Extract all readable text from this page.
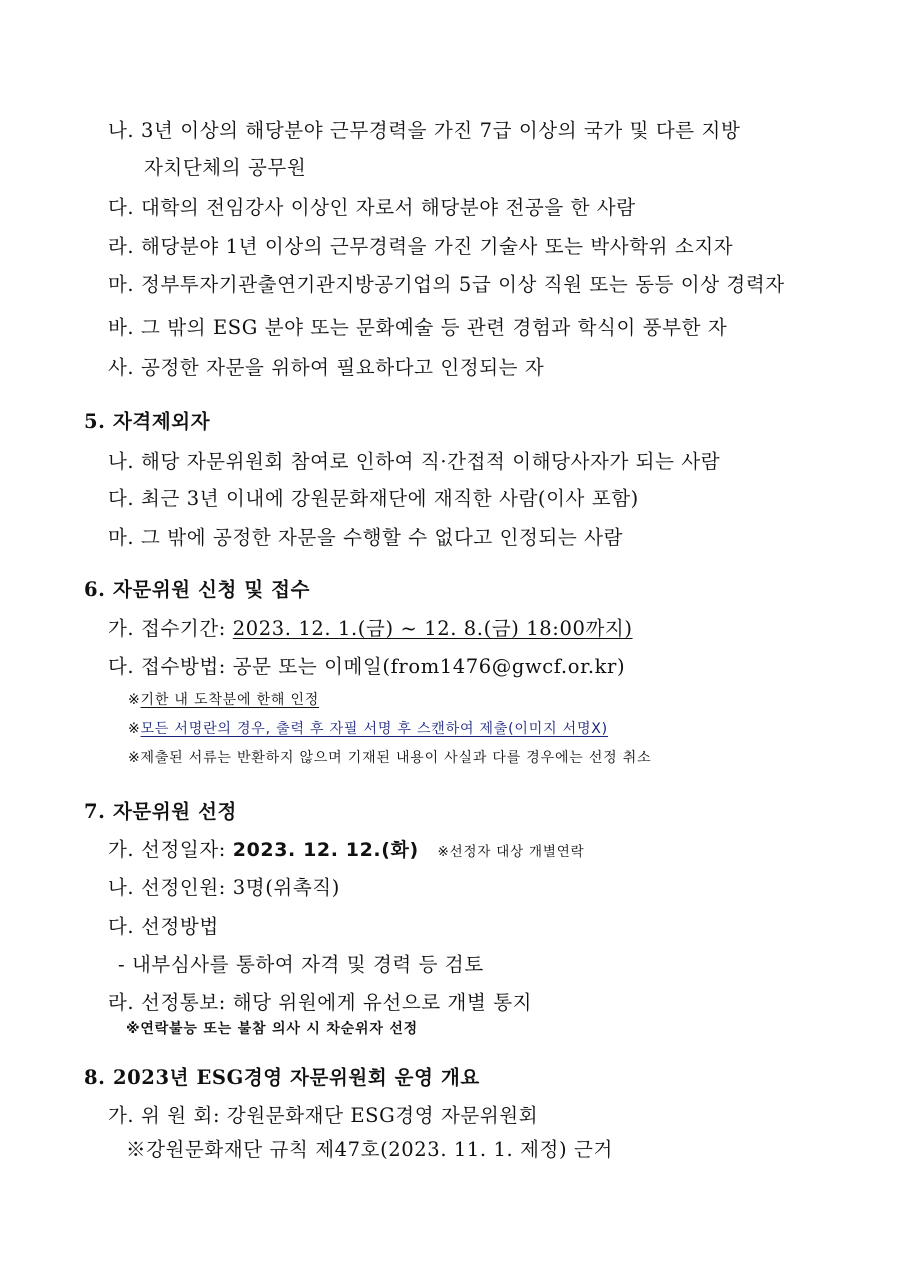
나. 3년 이상의 해당분야 근무경력을 가진 7급 이상의 국가 및 다른 지방
자치단체의 공무원
다. 대학의 전임강사 이상인 자로서 해당분야 전공을 한 사람
라. 해당분야 1년 이상의 근무경력을 가진 기술사 또는 박사학위 소지자
마. 정부투자기관출연기관지방공기업의 5급 이상 직원 또는 동등 이상 경력자
바. 그 밖의 ESG 분야 또는 문화예술 등 관련 경험과 학식이 풍부한 자
사. 공정한 자문을 위하여 필요하다고 인정되는 자
5. 자격제외자
나. 해당 자문위원회 참여로 인하여 직·간접적 이해당사자가 되는 사람
다. 최근 3년 이내에 강원문화재단에 재직한 사람(이사 포함)
마. 그 밖에 공정한 자문을 수행할 수 없다고 인정되는 사람
6. 자문위원 신청 및 접수
가. 접수기간: 2023. 12. 1.(금) ~ 12. 8.(금) 18:00까지)
다. 접수방법: 공문 또는 이메일(from1476@gwcf.or.kr)
※기한 내 도착분에 한해 인정
※모든 서명란의 경우, 출력 후 자필 서명 후 스캔하여 제출(이미지 서명X)
※제출된 서류는 반환하지 않으며 기재된 내용이 사실과 다를 경우에는 선정 취소
7. 자문위원 선정
가. 선정일자: 2023. 12. 12.(화) ※선정자 대상 개별연락
나. 선정인원: 3명(위촉직)
다. 선정방법
- 내부심사를 통하여 자격 및 경력 등 검토
라. 선정통보: 해당 위원에게 유선으로 개별 통지
※연락불능 또는 불참 의사 시 차순위자 선정
8. 2023년 ESG경영 자문위원회 운영 개요
가. 위 원 회: 강원문화재단 ESG경영 자문위원회
※강원문화재단 규칙 제47호(2023. 11. 1. 제정) 근거
